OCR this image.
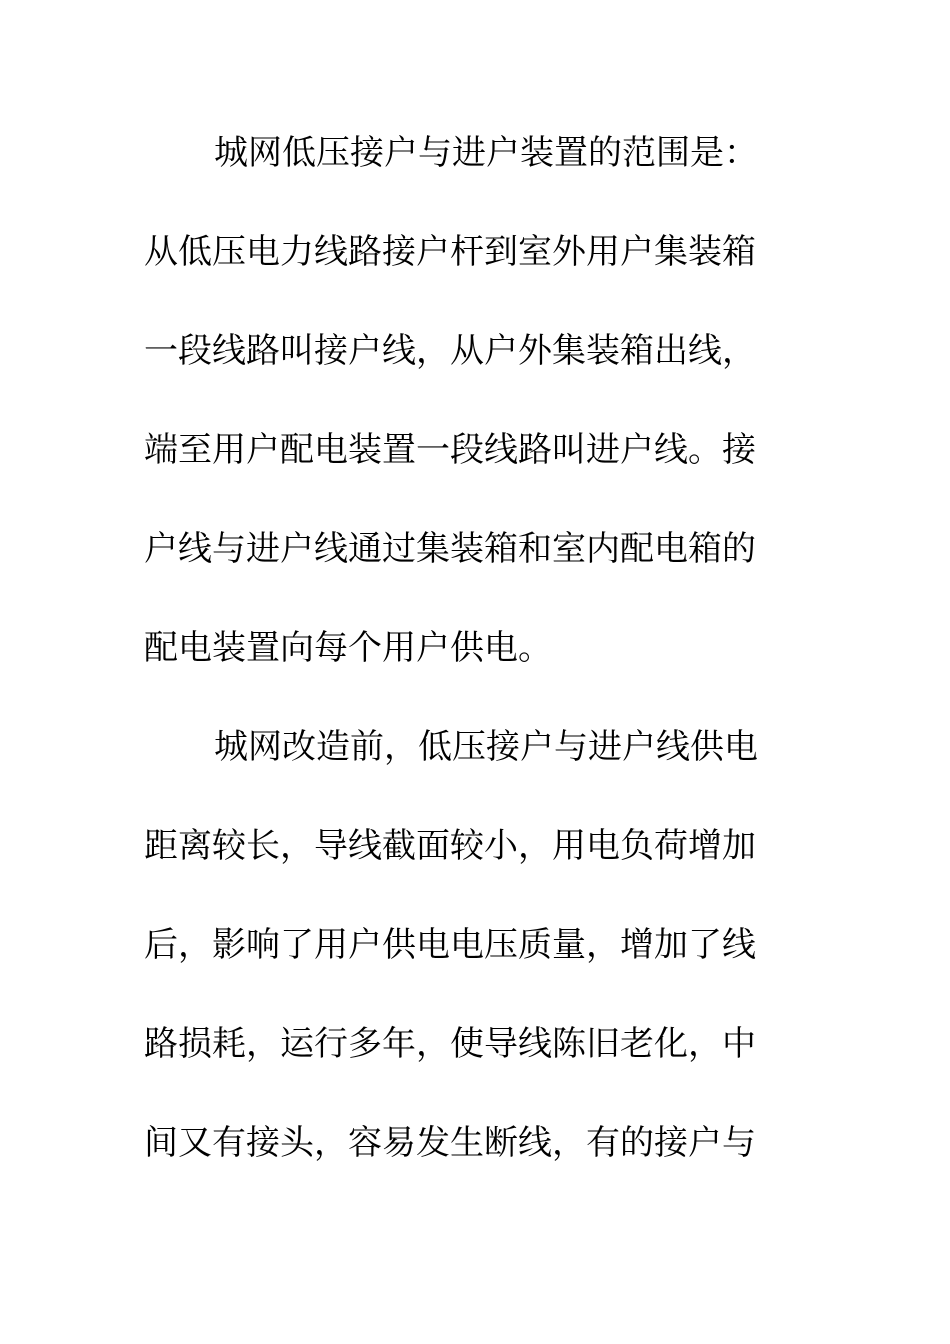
城网低压接户与进户装置的范围是：
从低压电力线路接户杆到室外用户集装箱
一段线路叫接户线，从户外集装箱出线，
端至用户配电装置一段线路叫进户线。接
户线与进户线通过集装箱和室内配电箱的
配电装置向每个用户供电。
城网改造前，低压接户与进户线供电
距离较长，导线截面较小，用电负荷增加
后，影响了用户供电电压质量，增加了线
路损耗，运行多年，使导线陈旧老化，中
间又有接头，容易发生断线，有的接户与
